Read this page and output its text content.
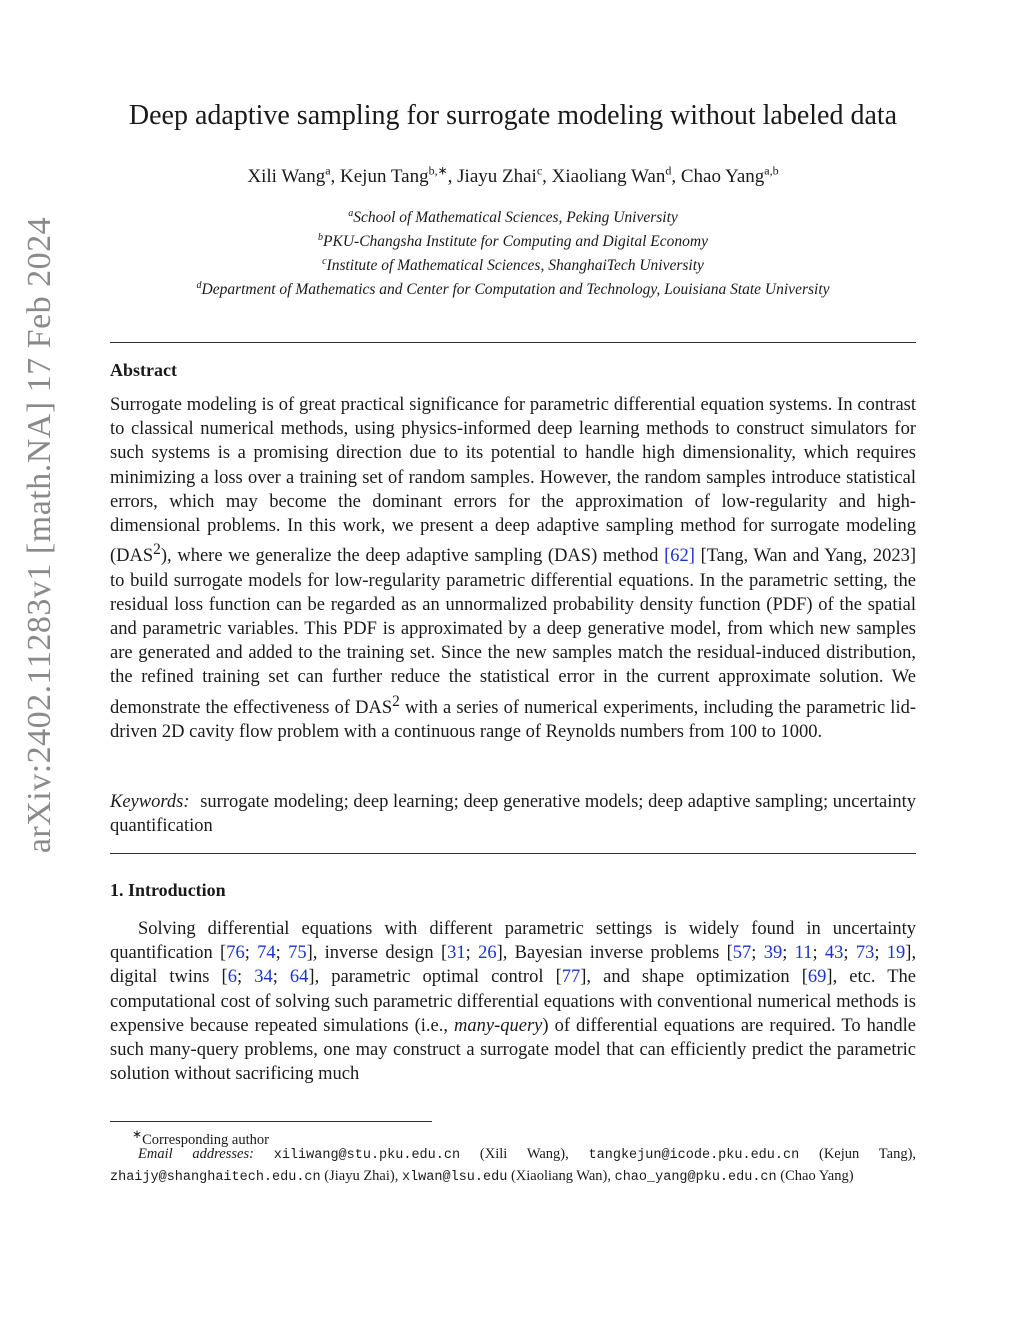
arXiv:2402.11283v1 [math.NA] 17 Feb 2024
Deep adaptive sampling for surrogate modeling without labeled data
Xili Wang$^a$, Kejun Tang$^{b,∗}$, Jiayu Zhai$^c$, Xiaoliang Wan$^d$, Chao Yang$^{a,b}$
$^a$School of Mathematical Sciences, Peking University
$^b$PKU-Changsha Institute for Computing and Digital Economy
$^c$Institute of Mathematical Sciences, ShanghaiTech University
$^d$Department of Mathematics and Center for Computation and Technology, Louisiana State University
Abstract

Surrogate modeling is of great practical significance for parametric differential equation systems. In contrast to classical numerical methods, using physics-informed deep learning methods to construct simulators for such systems is a promising direction due to its potential to handle high dimensionality, which requires minimizing a loss over a training set of random samples. However, the random samples introduce statistical errors, which may become the dominant errors for the approximation of low-regularity and high-dimensional problems. In this work, we present a deep adaptive sampling method for surrogate modeling (DAS$^2$), where we generalize the deep adaptive sampling (DAS) method [62] [Tang, Wan and Yang, 2023] to build surrogate models for low-regularity parametric differential equations. In the parametric setting, the residual loss function can be regarded as an unnormalized probability density function (PDF) of the spatial and parametric variables. This PDF is approximated by a deep generative model, from which new samples are generated and added to the training set. Since the new samples match the residual-induced distribution, the refined training set can further reduce the statistical error in the current approximate solution. We demonstrate the effectiveness of DAS$^2$ with a series of numerical experiments, including the parametric lid-driven 2D cavity flow problem with a continuous range of Reynolds numbers from 100 to 1000.

Keywords: surrogate modeling; deep learning; deep generative models; deep adaptive sampling; uncertainty quantification

1. Introduction

Solving differential equations with different parametric settings is widely found in uncertainty quantification [76; 74; 75], inverse design [31; 26], Bayesian inverse problems [57; 39; 11; 43; 73; 19], digital twins [6; 34; 64], parametric optimal control [77], and shape optimization [69], etc. The computational cost of solving such parametric differential equations with conventional numerical methods is expensive because repeated simulations (i.e., many-query) of differential equations are required. To handle such many-query problems, one may construct a surrogate model that can efficiently predict the parametric solution without sacrificing much

∗Corresponding author

Email addresses: xiliwang@stu.pku.edu.cn (Xili Wang), tangkejun@icode.pku.edu.cn (Kejun Tang), zhaijy@shanghaitech.edu.cn (Jiayu Zhai), xlwan@lsu.edu (Xiaoliang Wan), chao_yang@pku.edu.cn (Chao Yang)
